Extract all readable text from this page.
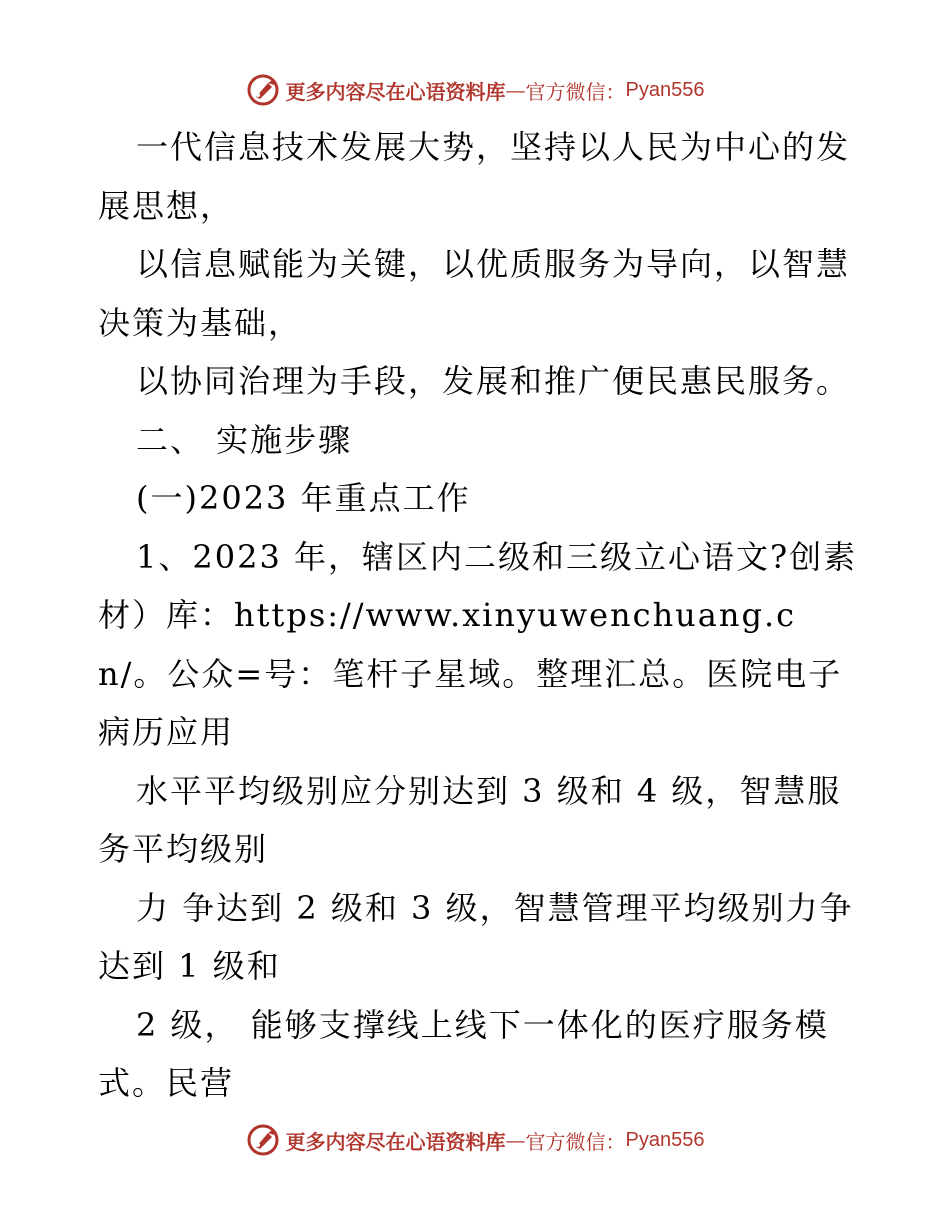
更多内容尽在心语资料库 — 官方微信： Pyan556

一代信息技术发展大势，坚持以人民为中心的发展思想，

以信息赋能为关键，以优质服务为导向，以智慧决策为基础，

以协同治理为手段，发展和推广便民惠民服务。

二、 实施步骤

(一)2023 年重点工作

1、2023 年，辖区内二级和三级立心语文?创素材）库：https://www.xinyuwenchuang.cn/。公众=号：笔杆子星域。整理汇总。医院电子病历应用

水平平均级别应分别达到 3 级和 4 级，智慧服务平均级别

力 争达到 2 级和 3 级，智慧管理平均级别力争达到 1 级和

2 级， 能够支撑线上线下一体化的医疗服务模式。民营

更多内容尽在心语资料库 — 官方微信： Pyan556
